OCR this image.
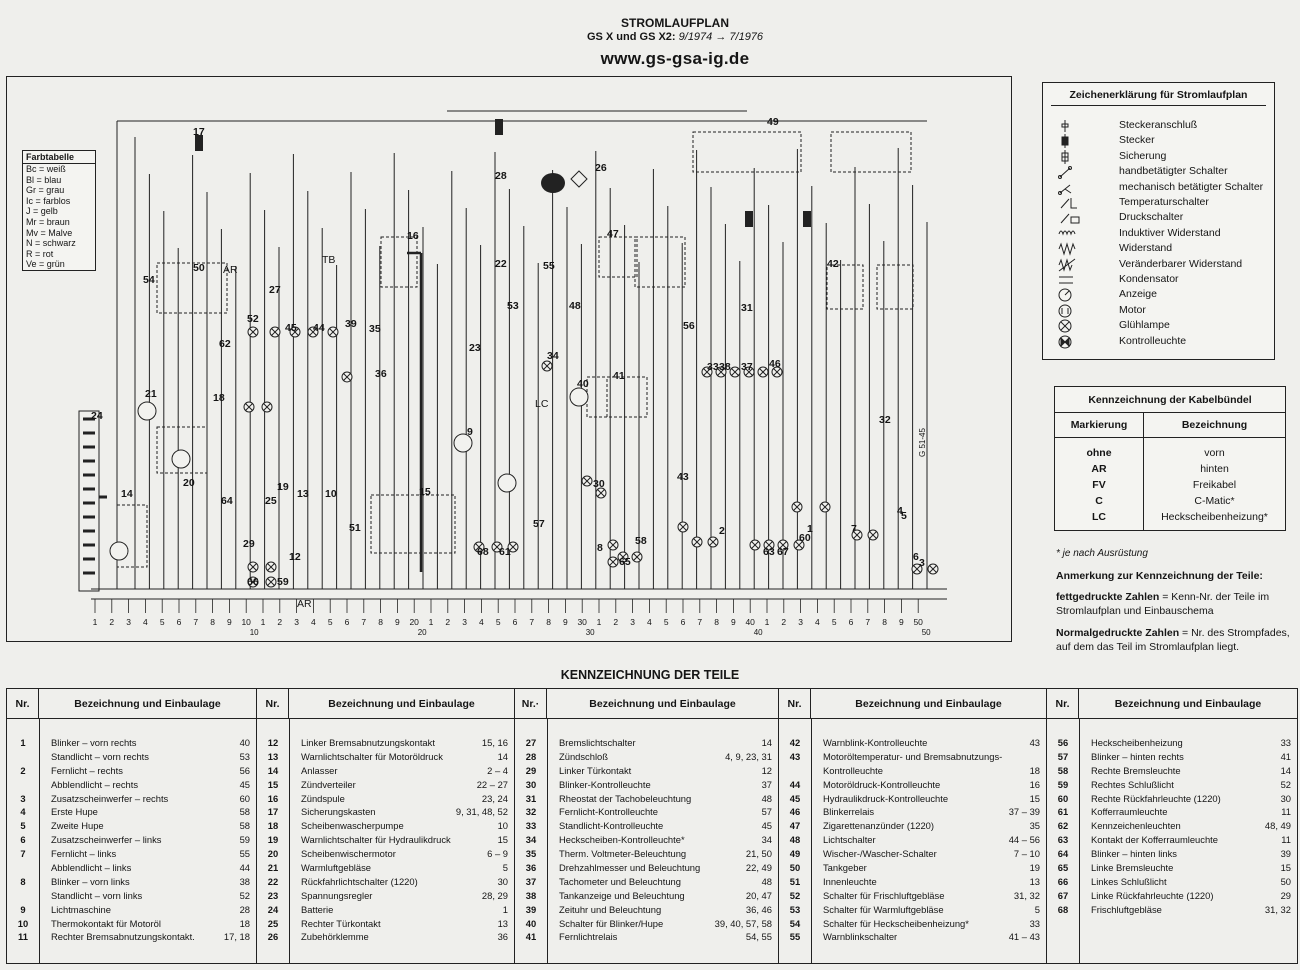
STROMLAUFPLAN
GS X und GS X2: 9/1974 → 7/1976
www.gs-gsa-ig.de
1
2
3
4
5
6
7
8
9
10
12
13
14	15
16
17
18
19
20
21
22
23
24
25
26
27
28
29
30
31
32
33
34
35
36
37
38
39
40
41
42
43
44
45
46
47
48
49
50
51
52
53
54
55
56
57
58
59
60
61
62
63
64
65
66
67
68
AR
TB
LC
AR
1 2 3 4 5 6 7 8 9 10 1 2 3 4 5 6 7 8 9 20 1 2 3 4 5 6 7 8 9 30 1 2 3 4 5 6 7 8 9 40 1 2 3 4 5 6 7 8 9 50
10	20	30	40	50
G 51-45
Farbtabelle
Bc = weiß
Bl = blau
Gr = grau
Ic = farblos
J = gelb
Mr = braun
Mv = Malve
N = schwarz
R = rot
Ve = grün
Zeichenerklärung für Stromlaufplan
Steckeranschluß
Stecker
Sicherung
handbetätigter Schalter
mechanisch betätigter Schalter
Temperaturschalter
Druckschalter
Induktiver Widerstand
Widerstand
Veränderbarer Widerstand
Kondensator
Anzeige
Motor
Glühlampe
Kontrolleuchte
Kennzeichnung der Kabelbündel
Markierung	Bezeichnung
ohne	vorn
AR	hinten
FV	Freikabel
C	C-Matic*
LC	Heckscheibenheizung*
* je nach Ausrüstung
Anmerkung zur Kennzeichnung der Teile:

fettgedruckte Zahlen = Kenn-Nr. der Teile im Stromlaufplan und Einbauschema

Normalgedruckte Zahlen = Nr. des Strompfades, auf dem das Teil im Stromlaufplan liegt.

KENNZEICHNUNG DER TEILE
Nr.	Bezeichnung und Einbaulage
1	Blinker – vorn rechts	40
Standlicht – vorn rechts	53
2	Fernlicht – rechts	56
Abblendlicht – rechts	45
3	Zusatzscheinwerfer – rechts	60
4	Erste Hupe	58
5	Zweite Hupe	58
6	Zusatzscheinwerfer – links	59
7	Fernlicht – links	55
Abblendlicht – links	44
8	Blinker – vorn links	38
Standlicht – vorn links	52
9	Lichtmaschine	28
10	Thermokontakt für Motoröl	18
11	Rechter Bremsabnutzungskontakt.	17, 18
Nr.	Bezeichnung und Einbaulage
12	Linker Bremsabnutzungskontakt	15, 16
13	Warnlichtschalter für Motoröldruck	14
14	Anlasser	2 – 4
15	Zündverteiler	22 – 27
16	Zündspule	23, 24
17	Sicherungskasten	9, 31, 48, 52
18	Scheibenwascherpumpe	10
19	Warnlichtschalter für Hydraulikdruck	15
20	Scheibenwischermotor	6 – 9
21	Warmluftgebläse	5
22	Rückfahrlichtschalter (1220)	30
23	Spannungsregler	28, 29
24	Batterie	1
25	Rechter Türkontakt	13
26	Zubehörklemme	36
Nr.·	Bezeichnung und Einbaulage
27	Bremslichtschalter	14
28	Zündschloß	4, 9, 23, 31
29	Linker Türkontakt	12
30	Blinker-Kontrolleuchte	37
31	Rheostat der Tachobeleuchtung	48
32	Fernlicht-Kontrolleuchte	57
33	Standlicht-Kontrolleuchte	45
34	Heckscheiben-Kontrolleuchte*	34
35	Therm. Voltmeter-Beleuchtung	21, 50
36	Drehzahlmesser und Beleuchtung	22, 49
37	Tachometer und Beleuchtung	48
38	Tankanzeige und Beleuchtung	20, 47
39	Zeituhr und Beleuchtung	36, 46
40	Schalter für Blinker/Hupe	39, 40, 57, 58
41	Fernlichtrelais	54, 55
Nr.	Bezeichnung und Einbaulage
42	Warnblink-Kontrolleuchte	43
43	Motoröltemperatur- und Bremsabnutzungs-
Kontrolleuchte	18
44	Motoröldruck-Kontrolleuchte	16
45	Hydraulikdruck-Kontrolleuchte	15
46	Blinkerrelais	37 – 39
47	Zigarettenanzünder (1220)	35
48	Lichtschalter	44 – 56
49	Wischer-/Wascher-Schalter	7 – 10
50	Tankgeber	19
51	Innenleuchte	13
52	Schalter für Frischluftgebläse	31, 32
53	Schalter für Warmluftgebläse	5
54	Schalter für Heckscheibenheizung*	33
55	Warnblinkschalter	41 – 43
Nr.	Bezeichnung und Einbaulage
56	Heckscheibenheizung	33
57	Blinker – hinten rechts	41
58	Rechte Bremsleuchte	14
59	Rechtes Schlußlicht	52
60	Rechte Rückfahrleuchte (1220)	30
61	Kofferraumleuchte	11
62	Kennzeichenleuchten	48, 49
63	Kontakt der Kofferraumleuchte	11
64	Blinker – hinten links	39
65	Linke Bremsleuchte	15
66	Linkes Schlußlicht	50
67	Linke Rückfahrleuchte (1220)	29
68	Frischluftgebläse	31, 32
